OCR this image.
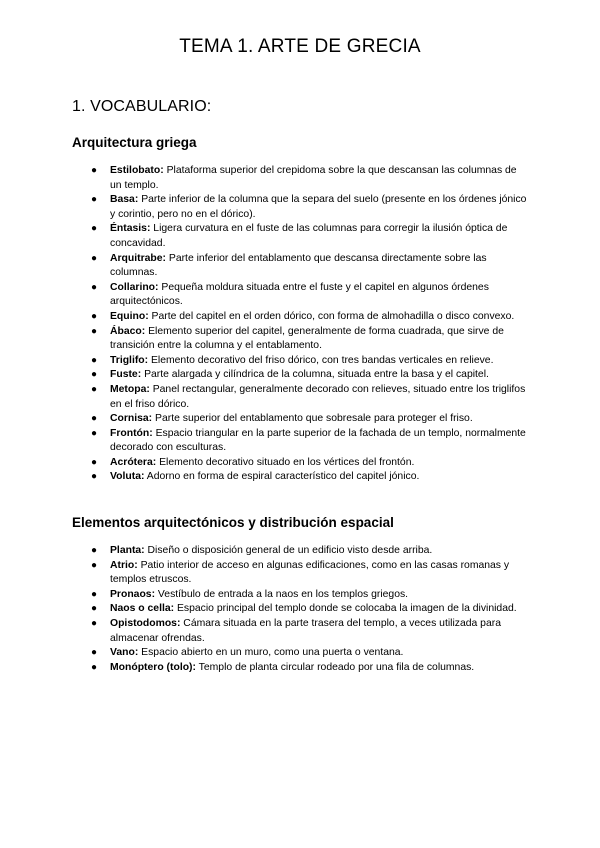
TEMA 1. ARTE DE GRECIA
1. VOCABULARIO:
Arquitectura griega
● Estilobato: Plataforma superior del crepidoma sobre la que descansan las columnas de un templo.
● Basa: Parte inferior de la columna que la separa del suelo (presente en los órdenes jónico y corintio, pero no en el dórico).
● Éntasis: Ligera curvatura en el fuste de las columnas para corregir la ilusión óptica de concavidad.
● Arquitrabe: Parte inferior del entablamento que descansa directamente sobre las columnas.
● Collarino: Pequeña moldura situada entre el fuste y el capitel en algunos órdenes arquitectónicos.
● Equino: Parte del capitel en el orden dórico, con forma de almohadilla o disco convexo.
● Ábaco: Elemento superior del capitel, generalmente de forma cuadrada, que sirve de transición entre la columna y el entablamento.
● Triglifo: Elemento decorativo del friso dórico, con tres bandas verticales en relieve.
● Fuste: Parte alargada y cilíndrica de la columna, situada entre la basa y el capitel.
● Metopa: Panel rectangular, generalmente decorado con relieves, situado entre los triglifos en el friso dórico.
● Cornisa: Parte superior del entablamento que sobresale para proteger el friso.
● Frontón: Espacio triangular en la parte superior de la fachada de un templo, normalmente decorado con esculturas.
● Acrótera: Elemento decorativo situado en los vértices del frontón.
● Voluta: Adorno en forma de espiral característico del capitel jónico.
Elementos arquitectónicos y distribución espacial
● Planta: Diseño o disposición general de un edificio visto desde arriba.
● Atrio: Patio interior de acceso en algunas edificaciones, como en las casas romanas y templos etruscos.
● Pronaos: Vestíbulo de entrada a la naos en los templos griegos.
● Naos o cella: Espacio principal del templo donde se colocaba la imagen de la divinidad.
● Opistodomos: Cámara situada en la parte trasera del templo, a veces utilizada para almacenar ofrendas.
● Vano: Espacio abierto en un muro, como una puerta o ventana.
● Monóptero (tolo): Templo de planta circular rodeado por una fila de columnas.
